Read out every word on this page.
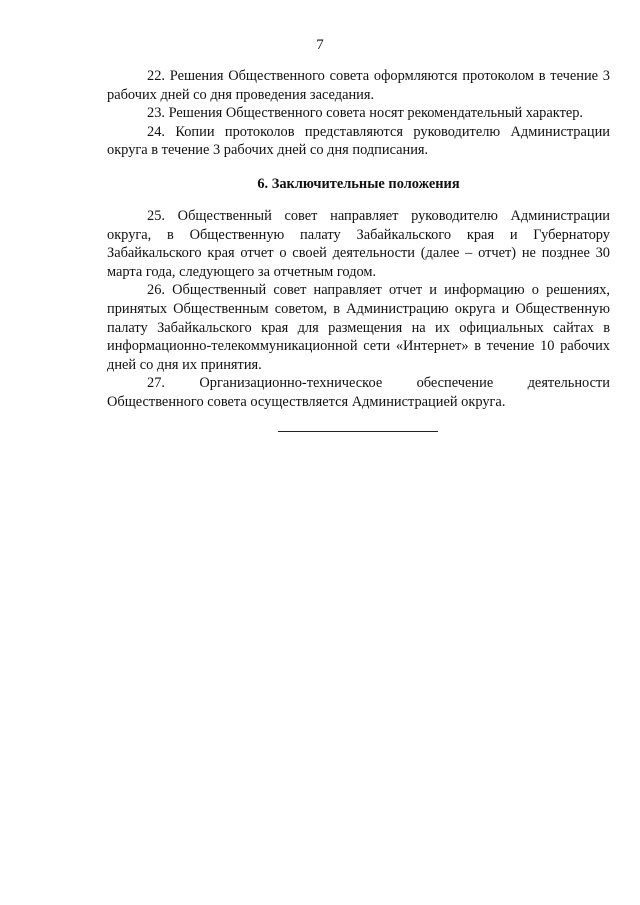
7

22. Решения Общественного совета оформляются протоколом в течение 3 рабочих дней со дня проведения заседания.

23. Решения Общественного совета носят рекомендательный характер.

24. Копии протоколов представляются руководителю Администрации округа в течение 3 рабочих дней со дня подписания.

6. Заключительные положения

25. Общественный совет направляет руководителю Администрации округа, в Общественную палату Забайкальского края и Губернатору Забайкальского края отчет о своей деятельности (далее – отчет) не позднее 30 марта года, следующего за отчетным годом.

26. Общественный совет направляет отчет и информацию о решениях, принятых Общественным советом, в Администрацию округа и Общественную палату Забайкальского края для размещения на их официальных сайтах в информационно-телекоммуникационной сети «Интернет» в течение 10 рабочих дней со дня их принятия.

27. Организационно-техническое обеспечение деятельности Общественного совета осуществляется Администрацией округа.
